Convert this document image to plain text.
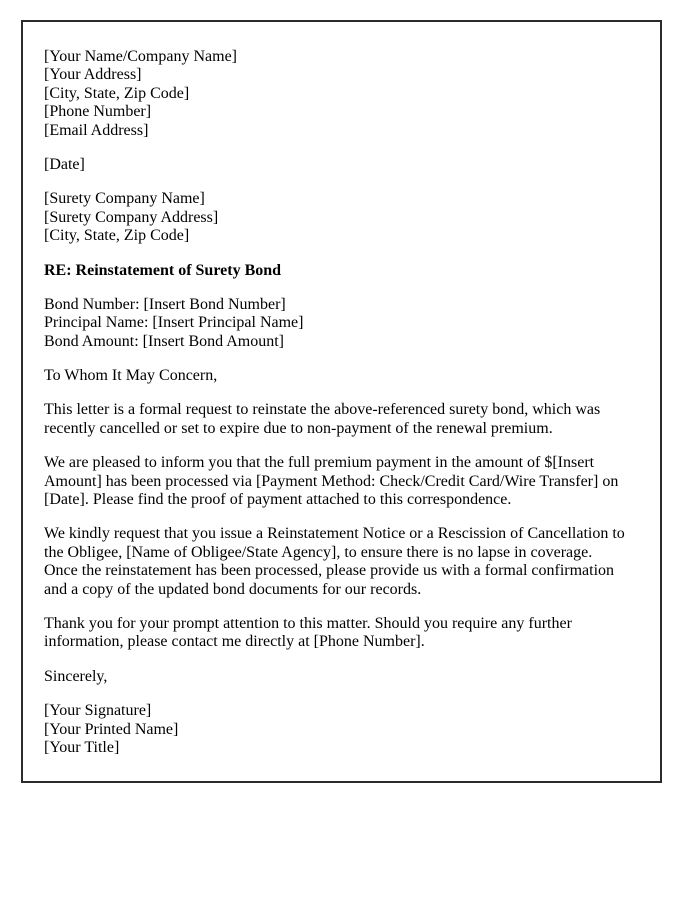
[Your Name/Company Name]
[Your Address]
[City, State, Zip Code]
[Phone Number]
[Email Address]
[Date]
[Surety Company Name]
[Surety Company Address]
[City, State, Zip Code]
RE: Reinstatement of Surety Bond
Bond Number: [Insert Bond Number]
Principal Name: [Insert Principal Name]
Bond Amount: [Insert Bond Amount]
To Whom It May Concern,
This letter is a formal request to reinstate the above-referenced surety bond, which was
recently cancelled or set to expire due to non-payment of the renewal premium.
We are pleased to inform you that the full premium payment in the amount of $[Insert
Amount] has been processed via [Payment Method: Check/Credit Card/Wire Transfer] on
[Date]. Please find the proof of payment attached to this correspondence.
We kindly request that you issue a Reinstatement Notice or a Rescission of Cancellation to
the Obligee, [Name of Obligee/State Agency], to ensure there is no lapse in coverage.
Once the reinstatement has been processed, please provide us with a formal confirmation
and a copy of the updated bond documents for our records.
Thank you for your prompt attention to this matter. Should you require any further
information, please contact me directly at [Phone Number].
Sincerely,
[Your Signature]
[Your Printed Name]
[Your Title]
